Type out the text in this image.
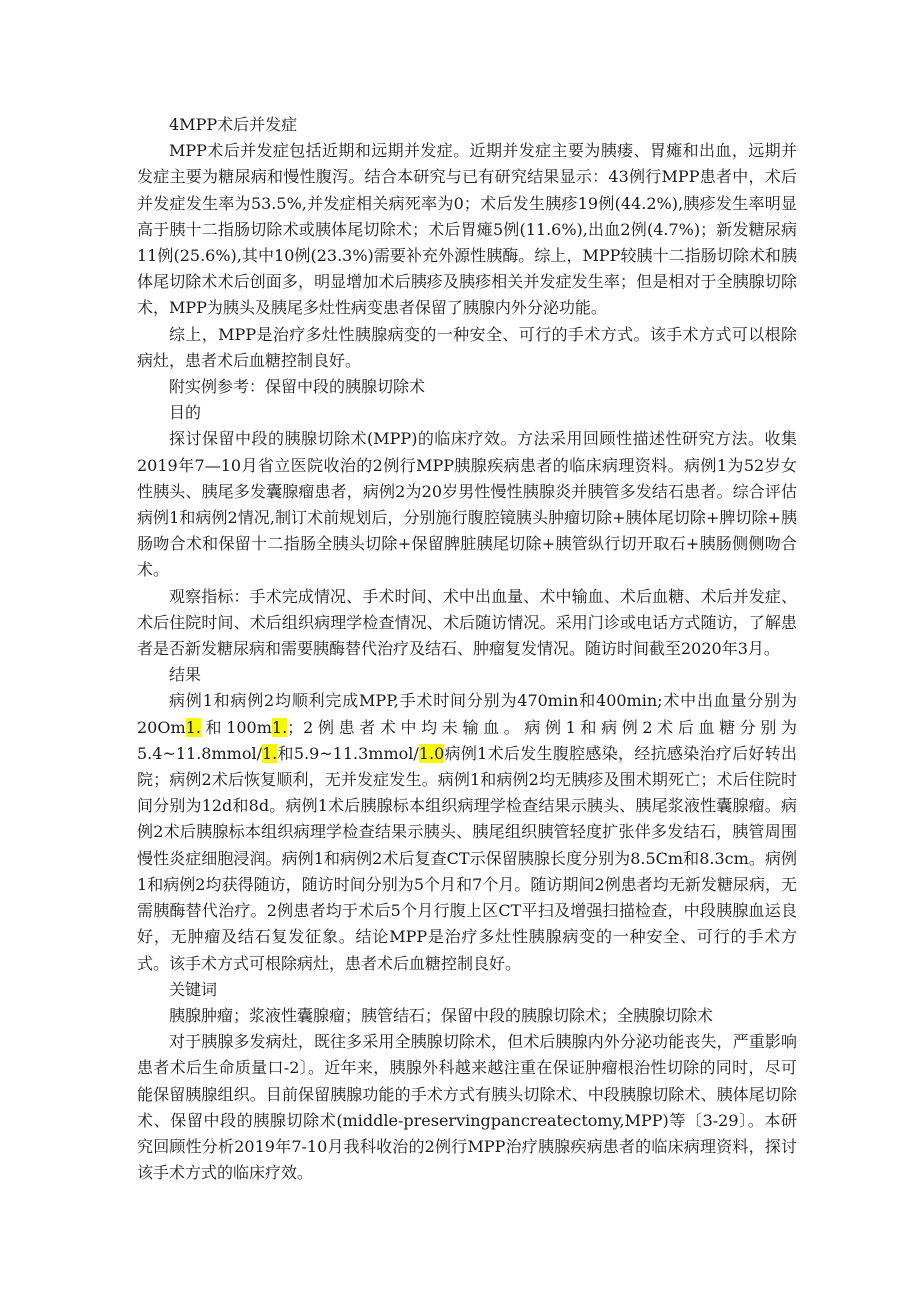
4MPP术后并发症

MPP术后并发症包括近期和远期并发症。近期并发症主要为胰瘘、胃瘫和出血，远期并发症主要为糖尿病和慢性腹泻。结合本研究与已有研究结果显示：43例行MPP患者中，术后并发症发生率为53.5%,并发症相关病死率为0；术后发生胰疹19例(44.2%),胰疹发生率明显高于胰十二指肠切除术或胰体尾切除术；术后胃瘫5例(11.6%),出血2例(4.7%)；新发糖尿病11例(25.6%),其中10例(23.3%)需要补充外源性胰酶。综上，MPP较胰十二指肠切除术和胰体尾切除术术后创面多，明显增加术后胰疹及胰疹相关并发症发生率；但是相对于全胰腺切除术，MPP为胰头及胰尾多灶性病变患者保留了胰腺内外分泌功能。

综上，MPP是治疗多灶性胰腺病变的一种安全、可行的手术方式。该手术方式可以根除病灶，患者术后血糖控制良好。

附实例参考：保留中段的胰腺切除术

目的

探讨保留中段的胰腺切除术(MPP)的临床疗效。方法采用回顾性描述性研究方法。收集2019年7—10月省立医院收治的2例行MPP胰腺疾病患者的临床病理资料。病例1为52岁女性胰头、胰尾多发囊腺瘤患者，病例2为20岁男性慢性胰腺炎并胰管多发结石患者。综合评估病例1和病例2情况,制订术前规划后，分别施行腹腔镜胰头肿瘤切除+胰体尾切除+脾切除+胰肠吻合术和保留十二指肠全胰头切除+保留脾脏胰尾切除+胰管纵行切开取石+胰肠侧侧吻合术。

观察指标：手术完成情况、手术时间、术中出血量、术中输血、术后血糖、术后并发症、术后住院时间、术后组织病理学检查情况、术后随访情况。采用门诊或电话方式随访，了解患者是否新发糖尿病和需要胰酶替代治疗及结石、肿瘤复发情况。随访时间截至2020年3月。

结果

病例1和病例2均顺利完成MPP,手术时间分别为470min和400min;术中出血量分别为20Om1.和100m1.；2例患者术中均未输血。病例1和病例2术后血糖分别为5.4~11.8mmol/1.和5.9~11.3mmol/1.0病例1术后发生腹腔感染，经抗感染治疗后好转出院；病例2术后恢复顺利，无并发症发生。病例1和病例2均无胰疹及围术期死亡；术后住院时间分别为12d和8d。病例1术后胰腺标本组织病理学检查结果示胰头、胰尾浆液性囊腺瘤。病例2术后胰腺标本组织病理学检查结果示胰头、胰尾组织胰管轻度扩张伴多发结石，胰管周围慢性炎症细胞浸润。病例1和病例2术后复查CT示保留胰腺长度分别为8.5Cm和8.3cm。病例1和病例2均获得随访，随访时间分别为5个月和7个月。随访期间2例患者均无新发糖尿病，无需胰酶替代治疗。2例患者均于术后5个月行腹上区CT平扫及增强扫描检查，中段胰腺血运良好，无肿瘤及结石复发征象。结论MPP是治疗多灶性胰腺病变的一种安全、可行的手术方式。该手术方式可根除病灶，患者术后血糖控制良好。

关键词

胰腺肿瘤；浆液性囊腺瘤；胰管结石；保留中段的胰腺切除术；全胰腺切除术

对于胰腺多发病灶，既往多采用全胰腺切除术，但术后胰腺内外分泌功能丧失，严重影响患者术后生命质量口-2〕。近年来，胰腺外科越来越注重在保证肿瘤根治性切除的同时，尽可能保留胰腺组织。目前保留胰腺功能的手术方式有胰头切除术、中段胰腺切除术、胰体尾切除术、保留中段的胰腺切除术(middle-preservingpancreatectomy,MPP)等〔3-29〕。本研究回顾性分析2019年7-10月我科收治的2例行MPP治疗胰腺疾病患者的临床病理资料，探讨该手术方式的临床疗效。
